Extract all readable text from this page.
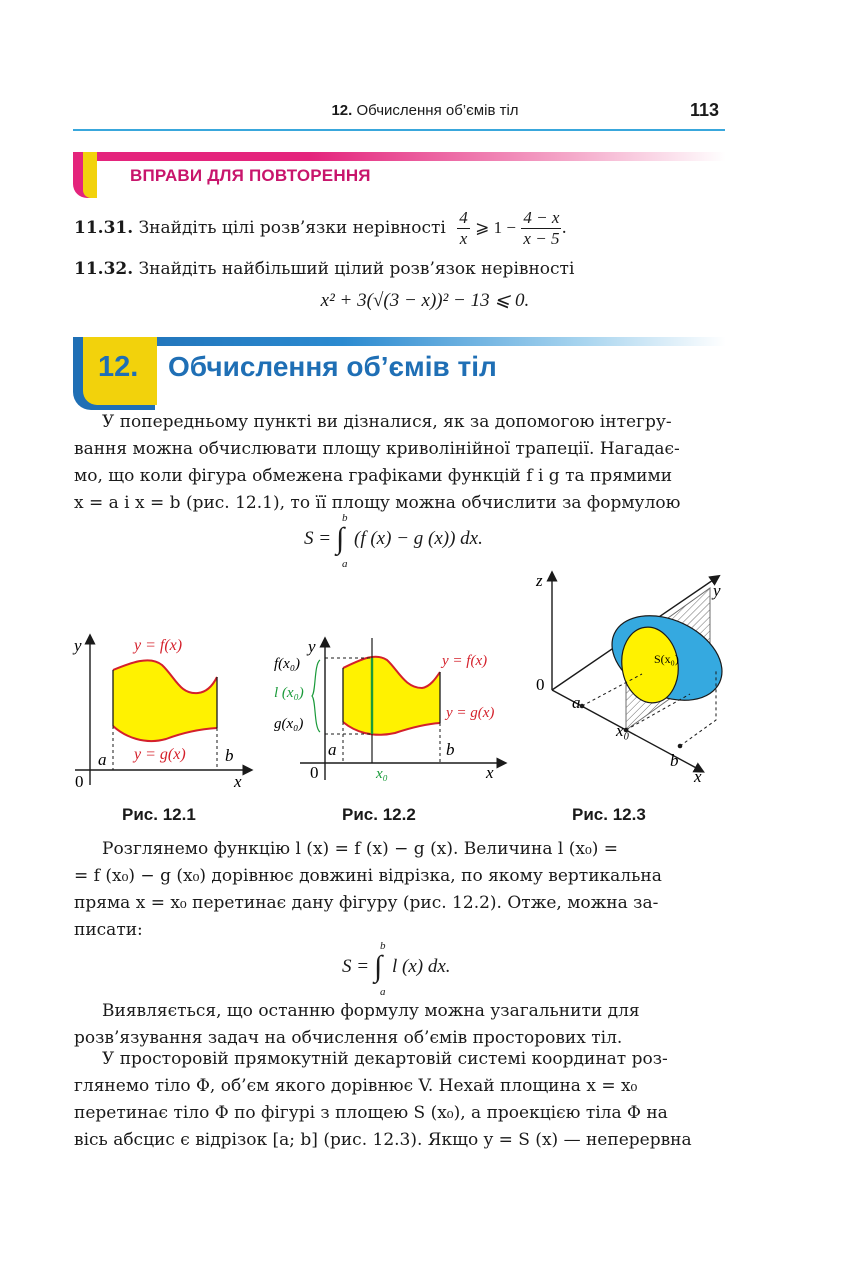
12. Обчислення об’ємів тіл	113
ВПРАВИ ДЛЯ ПОВТОРЕННЯ
11.31. Знайдіть цілі розв’язки нерівності $\frac{4}{x}$ ⩾ $1 - \frac{4 - x}{x - 5}$ .
11.32. Знайдіть найбільший цілий розв’язок нерівності
x² + 3(√(3 − x))² − 13 ⩽ 0.
12. Обчислення об’ємів тіл
У попередньому пункті ви дізналися, як за допомогою інтегру-
вання можна обчислювати площу криволінійної трапеції. Нагадає-
мо, що коли фігура обмежена графіками функцій f і g та прямими
x = a і x = b (рис. 12.1), то її площу можна обчислити за формулою
S =
b
∫
a
(f (x) − g (x)) dx.
y
x
0
a	b
y = f(x)
y = g(x)
Рис. 12.1
y
x
0
a	b
x₀
f(x₀)
l (x₀)
g(x₀)
y = f(x)
y = g(x)
Рис. 12.2
z
y
x
0
a
x₀
b
S(x₀)
Рис. 12.3
Розглянемо функцію l (x) = f (x) − g (x). Величина l (x₀) =
= f (x₀) − g (x₀) дорівнює довжині відрізка, по якому вертикальна
пряма x = x₀ перетинає дану фігуру (рис. 12.2). Отже, можна за-
писати:
S =
b
∫
a
l (x) dx.
Виявляється, що останню формулу можна узагальнити для
розв’язування задач на обчислення об’ємів просторових тіл.
У просторовій прямокутній декартовій системі координат роз-
глянемо тіло Φ, об’єм якого дорівнює V. Нехай площина x = x₀
перетинає тіло Φ по фігурі з площею S (x₀), а проекцією тіла Φ на
вісь абсцис є відрізок [a; b] (рис. 12.3). Якщо y = S (x) — неперервна
